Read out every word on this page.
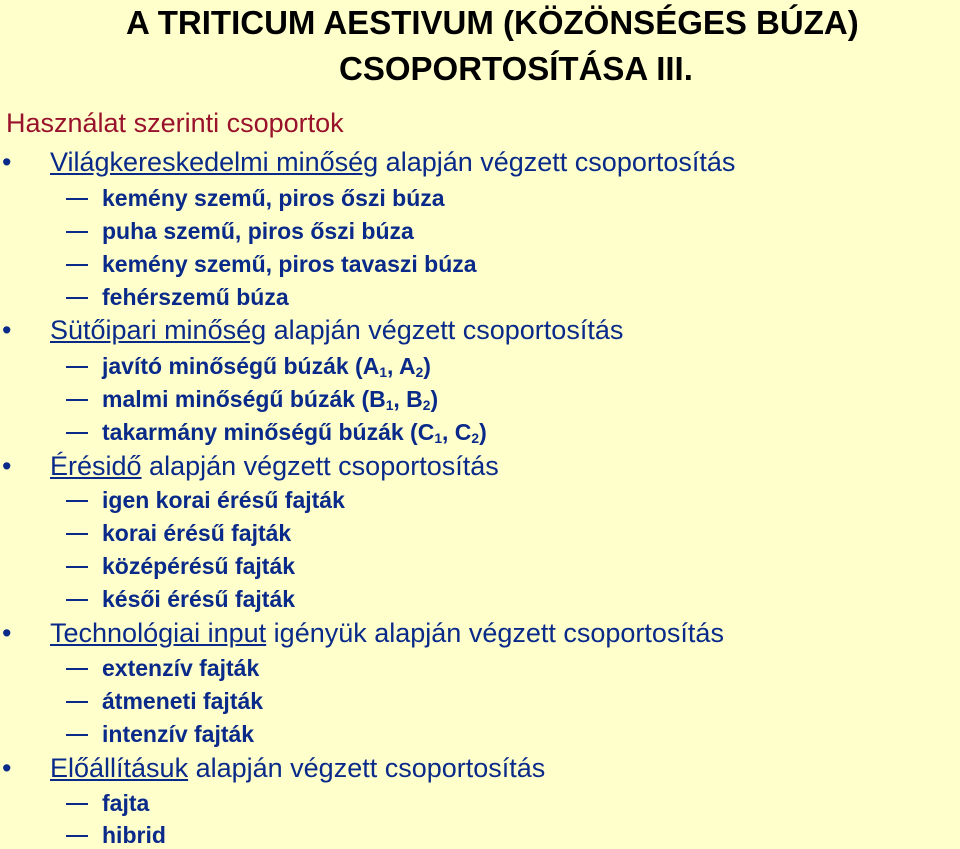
A TRITICUM AESTIVUM (KÖZÖNSÉGES BÚZA)
CSOPORTOSÍTÁSA III.
Használat szerinti csoportok
• Világkereskedelmi minőség alapján végzett csoportosítás
kemény szemű, piros őszi búza
puha szemű, piros őszi búza
kemény szemű, piros tavaszi búza
fehérszemű búza
• Sütőipari minőség alapján végzett csoportosítás
javító minőségű búzák ($A_1$, $A_2$)
malmi minőségű búzák ($B_1$, $B_2$)
takarmány minőségű búzák ($C_1$, $C_2$)
• Érésidő alapján végzett csoportosítás
igen korai érésű fajták
korai érésű fajták
középérésű fajták
késői érésű fajták
• Technológiai input igényük alapján végzett csoportosítás
extenzív fajták
átmeneti fajták
intenzív fajták
• Előállításuk alapján végzett csoportosítás
fajta
hibrid
